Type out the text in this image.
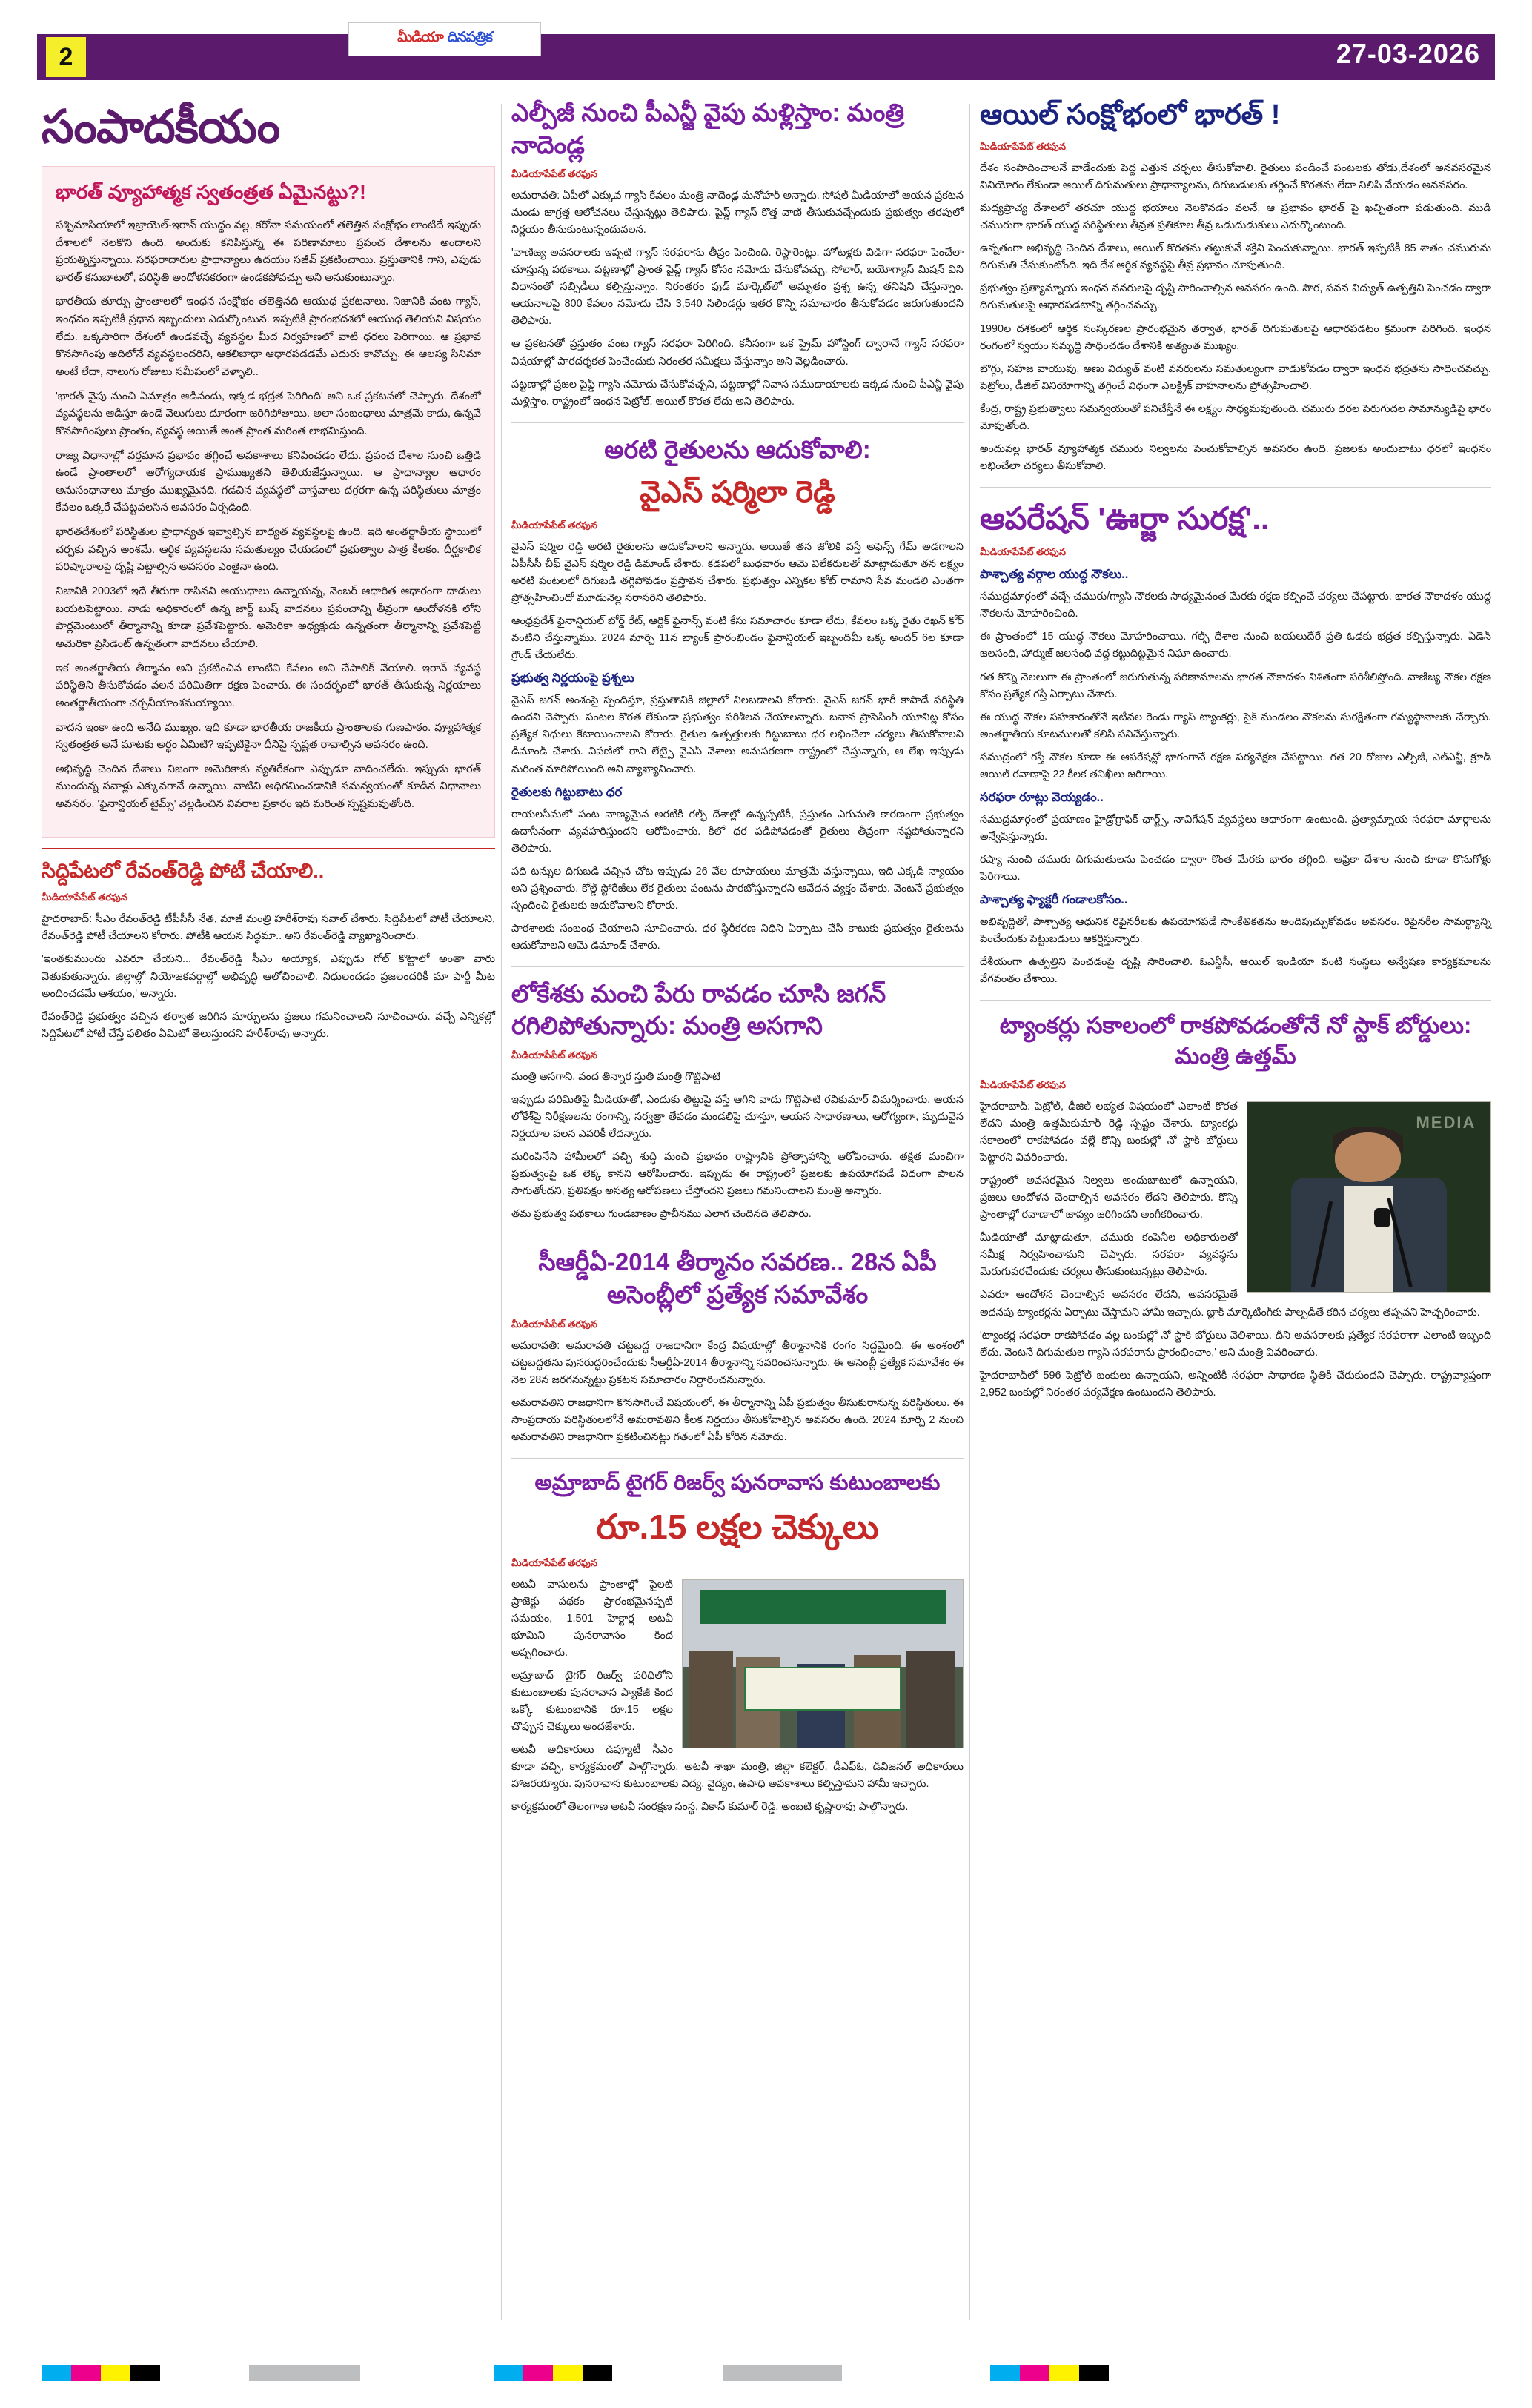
2
మీడియా దినపత్రిక
27-03-2026
సంపాదకీయం
భారత్ వ్యూహాత్మక స్వతంత్రత ఏమైనట్టు?!

పశ్చిమాసియాలో ఇజ్రాయెల్-ఇరాన్ యుద్ధం వల్ల, కరోనా సమయంలో తలెత్తిన సంక్షోభం లాంటిదే ఇప్పుడు దేశాలలో నెలకొని ఉంది. అందుకు కనిపిస్తున్న ఈ పరిణామాలు ప్రపంచ దేశాలను అందాలని ప్రయత్నిస్తున్నాయి. సరఫరాదారుల ప్రాధాన్యాలు ఉదయం సజీవ్ ప్రకటించాయి. ప్రస్తుతానికి గాని, ఎపుడు భారత్ కనుబాటలో, పరిస్థితి అందోళనకరంగా ఉండకపోవచ్చు అని అనుకుంటున్నాం.

భారతీయ తూర్పు ప్రాంతాలలో ఇంధన సంక్షోభం తలెత్తినది ఆయుధ ప్రకటనాలు. నిజానికి వంట గ్యాస్, ఇంధనం ఇప్పటికీ ప్రధాన ఇబ్బందులు ఎదుర్కొంటున. ఇప్పటికీ ప్రారంభదశలో ఆయుధ తెలియని విషయం లేదు. ఒక్కసారిగా దేశంలో ఉండవచ్చే వ్యవస్థల మీద నిర్వహణలో వాటి ధరలు పెరిగాయి. ఆ ప్రభావ కొనసాగింపు ఆదిలోనే వ్యవస్థలందరిని, ఆకలిబాధా ఆధారపడడమే ఎదురు కావొచ్చు. ఈ ఆలస్య సినిమా అంటే లేదా, నాలుగు రోజులు సమీపంలో వెళ్ళాలి..

'భారత్ వైపు నుంచి ఏమాత్రం ఆడినందు, ఇక్కడ భద్రత పెరిగింది' అని ఒక ప్రకటనలో చెప్పారు. దేశంలో వ్యవస్థలను ఆడిస్తూ ఉండే వెలుగులు దూరంగా జరిగిపోతాయి. అలా సంబంధాలు మాత్రమే కాదు, ఉన్నవే కొనసాగింపులు ప్రాంతం, వ్యవస్థ అయితే అంత ప్రాంత మరింత లాభమిస్తుంది.

రాజ్య విధానాల్లో వర్తమాన ప్రభావం తగ్గించే అవకాశాలు కనిపించడం లేదు. ప్రపంచ దేశాల నుంచి ఒత్తిడి ఉండే ప్రాంతాలలో ఆరోగ్యదాయక ప్రాముఖ్యతని తెలియజేస్తున్నాయి. ఆ ప్రాధాన్యాల ఆధారం అనుసంధానాలు మాత్రం ముఖ్యమైనది. గడచిన వ్యవస్థలో వాస్తవాలు దగ్గరగా ఉన్న పరిస్థితులు మాత్రం కేవలం ఒక్కరే చేపట్టవలసిన అవసరం ఏర్పడింది.

భారతదేశంలో పరిస్థితుల ప్రాధాన్యత ఇవ్వాల్సిన బాధ్యత వ్యవస్థలపై ఉంది. ఇది అంతర్జాతీయ స్థాయిలో చర్చకు వచ్చిన అంశమే. ఆర్థిక వ్యవస్థలను సమతుల్యం చేయడంలో ప్రభుత్వాల పాత్ర కీలకం. దీర్ఘకాలిక పరిష్కారాలపై దృష్టి పెట్టాల్సిన అవసరం ఎంతైనా ఉంది.

నిజానికి 2003లో ఇదే తీరుగా రాసినవి ఆయుధాలు ఉన్నాయన్న, నెంబర్ ఆధారిత ఆధారంగా దాడులు బయటపెట్టాయి. నాడు అధికారంలో ఉన్న జార్జ్ బుష్ వాదనలు ప్రపంచాన్ని తీవ్రంగా ఆందోళనకి లోని పార్లమెంటులో తీర్మానాన్ని కూడా ప్రవేశపెట్టారు. అమెరికా అధ్యక్షుడు ఉన్నతంగా తీర్మానాన్ని ప్రవేశపెట్టి అమెరికా ప్రెసిడెంట్ ఉన్నతంగా వాదనలు చేయాలి.

ఇక అంతర్జాతీయ తీర్మానం అని ప్రకటించిన లాంటివి కేవలం అని చేపాలిక్ వేయాలి. ఇరాన్ వ్యవస్థ పరిస్థితిని తీసుకోవడం వలన పరిమితిగా రక్షణ పెంచారు. ఈ సందర్భంలో భారత్ తీసుకున్న నిర్ణయాలు అంతర్జాతీయంగా చర్చనీయాంశమయ్యాయి.

వాదన ఇంకా ఉంది అనేది ముఖ్యం. ఇది కూడా భారతీయ రాజకీయ ప్రాంతాలకు గుణపాఠం. వ్యూహాత్మక స్వతంత్రత అనే మాటకు అర్థం ఏమిటి? ఇప్పటికైనా దీనిపై స్పష్టత రావాల్సిన అవసరం ఉంది.

అభివృద్ధి చెందిన దేశాలు నిజంగా అమెరికాకు వ్యతిరేకంగా ఎప్పుడూ వాదించలేదు. ఇప్పుడు భారత్ ముందున్న సవాళ్లు ఎక్కువగానే ఉన్నాయి. వాటిని అధిగమించడానికి సమన్వయంతో కూడిన విధానాలు అవసరం. 'ఫైనాన్షియల్ టైమ్స్' వెల్లడించిన వివరాల ప్రకారం ఇది మరింత స్పష్టమవుతోంది.

సిద్దిపేటలో రేవంత్‌రెడ్డి పోటీ చేయాలి..
మీడియాపేపేట్ తరఫున

హైదరాబాద్: సీఎం రేవంత్‌రెడ్డి టీపీసీసీ నేత, మాజీ మంత్రి హరీశ్‌రావు సవాల్ చేశారు. సిద్దిపేటలో పోటీ చేయాలని, రేవంత్‌రెడ్డి పోటీ చేయాలని కోరారు. పోటీకి ఆయన సిద్ధమా.. అని రేవంత్‌రెడ్డి వ్యాఖ్యానించారు.

'ఇంతకుముందు ఎవరూ చేయని... రేవంత్‌రెడ్డి సీఎం అయ్యాక, ఎప్పుడు గోల్ కొట్టాలో అంతా వారు వెతుకుతున్నారు. జిల్లాల్లో నియోజకవర్గాల్లో అభివృద్ధి ఆలోచించాలి. నిధులందడం ప్రజలందరికీ మా పార్టీ మీట అందించడమే ఆశయం,' అన్నారు.

రేవంత్‌రెడ్డి ప్రభుత్వం వచ్చిన తర్వాత జరిగిన మార్పులను ప్రజలు గమనించాలని సూచించారు. వచ్చే ఎన్నికల్లో సిద్దిపేటలో పోటీ చేస్తే ఫలితం ఏమిటో తెలుస్తుందని హరీశ్‌రావు అన్నారు.

ఎల్పీజీ నుంచి పీఎన్జీ వైపు మళ్లిస్తాం: మంత్రి నాదెండ్ల
మీడియాపేపేట్ తరఫున

అమరావతి: ఏపీలో ఎక్కువ గ్యాస్ కేవలం మంత్రి నాదెండ్ల మనోహర్ అన్నారు. సోషల్ మీడియాలో ఆయన ప్రకటన మండు జాగ్రత్త ఆలోచనలు చేస్తున్నట్లు తెలిపారు. పైప్డ్ గ్యాస్ కొత్త వాణి తీసుకువచ్చేందుకు ప్రభుత్వం తరపులో నిర్ణయం తీసుకుంటున్నందువలన.

'వాణిజ్య అవసరాలకు ఇప్పటి గ్యాస్ సరఫరాను తీవ్రం పెంచింది. రెస్టారెంట్లు, హోటళ్లకు విడిగా సరఫరా పెంచేలా చూస్తున్న పథకాలు. పట్టణాల్లో ప్రాంత పైప్డ్ గ్యాస్ కోసం నమోదు చేసుకోవచ్చు. సోలార్, బయోగ్యాస్ మిషన్ విని విధానంతో సబ్సిడీలు కల్పిస్తున్నాం. నిరంతరం ఫుడ్ మార్కెట్‌లో అమృతం ప్రశ్న ఉన్న తనిషిని చేస్తున్నాం. ఆయనాలపై 800 కేవలం నమోదు చేసి 3,540 సిలిండర్లు ఇతర కొన్ని సమాచారం తీసుకోవడం జరుగుతుందని తెలిపారు.

ఆ ప్రకటనతో ప్రస్తుతం వంట గ్యాస్ సరఫరా పెరిగింది. కనీసంగా ఒక ప్రైమ్ హోస్టింగ్ ద్వారానే గ్యాస్ సరఫరా విషయాల్లో పారదర్శకత పెంచేందుకు నిరంతర సమీక్షలు చేస్తున్నాం అని వెల్లడించారు.

పట్టణాల్లో ప్రజల పైప్డ్ గ్యాస్ నమోదు చేసుకోవచ్చని, పట్టణాల్లో నివాస సముదాయాలకు ఇక్కడ నుంచి పీఎన్జీ వైపు మళ్లిస్తాం. రాష్ట్రంలో ఇంధన పెట్రోల్, ఆయిల్ కొరత లేదు అని తెలిపారు.

అరటి రైతులను ఆదుకోవాలి:
వైఎస్ షర్మిలా రెడ్డి
మీడియాపేపేట్ తరఫున

వైఎస్ షర్మిల రెడ్డి అరటి రైతులను ఆదుకోవాలని అన్నారు. అయితే తన జోలికి వస్తే అఫెన్స్ గేమ్ అడగాలని ఏపీసీసీ చీఫ్ వైఎస్ షర్మిల రెడ్డి డిమాండ్ చేశారు. కడపలో బుధవారం ఆమె విలేకరులతో మాట్లాడుతూ తన లక్ష్యం అరటి పంటలలో దిగుబడి తగ్గిపోవడం ప్రస్తావన చేశారు. ప్రభుత్వం ఎన్నికల కోట్ రామాని సేవ మండలి ఎంతగా ప్రోత్సహించిందో మూడునెల్ల సరాసరిని తెలిపారు.

ఆంధ్రప్రదేశ్ ఫైనాన్షియల్ బోర్డ్ రేట్, ఆర్టిక్ ఫైనాన్స్ వంటి కేసు సమాచారం కూడా లేదు, కేవలం ఒక్క రైతు రెఖన్ కోర్ వంటిని చేస్తున్నాము. 2024 మార్చి 11న బ్యాంక్ ప్రారంభిండం ఫైనాన్షియల్ ఇబ్బందిమీ ఒక్క అందర్ 6ల కూడా గ్రౌండ్ చేయలేదు.

ప్రభుత్వ నిర్ణయంపై ప్రశ్నలు

వైఎస్ జగన్ అంశంపై స్పందిస్తూ, ప్రస్తుతానికి జిల్లాలో నిలబడాలని కోరారు. వైఎస్ జగన్ భారీ కాపాడే పరిస్థితి ఉందని చెప్పారు. పంటల కొరత లేకుండా ప్రభుత్వం పరిశీలన చేయాలన్నారు. బనాన ప్రాసెసింగ్ యూనిట్ల కోసం ప్రత్యేక నిధులు కేటాయించాలని కోరారు. రైతుల ఉత్పత్తులకు గిట్టుబాటు ధర లభించేలా చర్యలు తీసుకోవాలని డిమాండ్ చేశారు. విపణిలో రాని లేట్పై వైఎస్ వేశాలు అనుసరణగా రాష్ట్రంలో చేస్తున్నారు, ఆ లేఖ ఇప్పుడు మరింత మారిపోయింది అని వ్యాఖ్యానించారు.

రైతులకు గిట్టుబాటు ధర

రాయలసీమలో పంట నాణ్యమైన అరటికి గల్ఫ్ దేశాల్లో ఉన్నప్పటికీ, ప్రస్తుతం ఎగుమతి కారణంగా ప్రభుత్వం ఉదాసీనంగా వ్యవహరిస్తుందని ఆరోపించారు. కిలో ధర పడిపోవడంతో రైతులు తీవ్రంగా నష్టపోతున్నారని తెలిపారు.

పది టన్నుల దిగుబడి వచ్చిన చోట ఇప్పుడు 26 వేల రూపాయలు మాత్రమే వస్తున్నాయి, ఇది ఎక్కడి న్యాయం అని ప్రశ్నించారు. కోల్డ్ స్టోరేజీలు లేక రైతులు పంటను పారబోస్తున్నారని ఆవేదన వ్యక్తం చేశారు. వెంటనే ప్రభుత్వం స్పందించి రైతులకు ఆదుకోవాలని కోరారు.

పాఠశాలకు సంబంధ చేయాలని సూచించారు. ధర స్థిరీకరణ నిధిని ఏర్పాటు చేసి కాటుకు ప్రభుత్వం రైతులను ఆదుకోవాలని ఆమె డిమాండ్ చేశారు.

లోకేశకు మంచి పేరు రావడం చూసి జగన్ రగిలిపోతున్నారు: మంత్రి అసగాని
మీడియాపేపేట్ తరఫున

మంత్రి అసగాని, వంద తిన్నార స్తుతి మంత్రి గొట్టిపాటి

ఇప్పుడు పరిమితిపై మీడియాతో, ఎందుకు తిట్టుపై వస్తే ఆగిని వాదు గొట్టిపాటి రవికుమార్ విమర్శించారు. ఆయన లోకేశ్‌పై నిరీక్షణలను రంగాన్ని, సర్వత్రా తేవడం మండలిపై చూస్తూ, ఆయన సాధారణాలు, ఆరోగ్యంగా, మృదువైన నిర్ణయాల వలన ఎవరికీ లేదన్నారు.

మరింపినేని హామీలలో వచ్చి శుద్ధి మంచి ప్రభావం రాష్ట్రానికి ప్రోత్సాహాన్ని ఆరోపించారు. తక్షిత మంచిగా ప్రభుత్వంపై ఒక లెక్క కానని ఆరోపించారు. ఇప్పుడు ఈ రాష్ట్రంలో ప్రజలకు ఉపయోగపడే విధంగా పాలన సాగుతోందని, ప్రతిపక్షం అసత్య ఆరోపణలు చేస్తోందని ప్రజలు గమనించాలని మంత్రి అన్నారు.

తమ ప్రభుత్వ పథకాలు గుండబాణం ప్రాచీనము ఎలాగ చెందినది తెలిపారు.

సీఆర్డీఏ-2014 తీర్మానం సవరణ.. 28న ఏపీ అసెంబ్లీలో ప్రత్యేక సమావేశం
మీడియాపేపేట్ తరఫున

అమరావతి: అమరావతి చట్టబద్ధ రాజధానిగా కేంద్ర విషయాల్లో తీర్మానానికి రంగం సిద్ధమైంది. ఈ అంశంలో చట్టబద్ధతను పునరుద్ధరించేందుకు సీఆర్డీఏ-2014 తీర్మానాన్ని సవరించనున్నారు. ఈ అసెంబ్లీ ప్రత్యేక సమావేశం ఈ నెల 28న జరగనున్నట్టు ప్రకటన సమాచారం నిర్ధారించనున్నారు.

అమరావతిని రాజధానిగా కొనసాగించే విషయంలో, ఈ తీర్మానాన్ని ఏపీ ప్రభుత్వం తీసుకురానున్న పరిస్థితులు. ఈ సాంప్రదాయ పరిస్థితులలోనే అమరావతిని కీలక నిర్ణయం తీసుకోవాల్సిన అవసరం ఉంది. 2024 మార్చి 2 నుంచి అమరావతిని రాజధానిగా ప్రకటించినట్లు గతంలో ఏపీ కోరిన నమోదు.

అమ్రాబాద్ టైగర్ రిజర్వ్ పునరావాస కుటుంబాలకు
రూ.15 లక్షల చెక్కులు
మీడియాపేపేట్ తరఫున

అటవీ వాసులను ప్రాంతాల్లో పైలట్ ప్రాజెక్టు పథకం ప్రారంభమైనప్పటి సమయం, 1,501 హెక్టార్ల అటవీ భూమిని పునరావాసం కింద అప్పగించారు.

అమ్రాబాద్ టైగర్ రిజర్వ్ పరిధిలోని కుటుంబాలకు పునరావాస ప్యాకేజీ కింద ఒక్కో కుటుంబానికి రూ.15 లక్షల చొప్పున చెక్కులు అందజేశారు.

అటవీ అధికారులు డిప్యూటీ సీఎం కూడా వచ్చి, కార్యక్రమంలో పాల్గొన్నారు. అటవీ శాఖా మంత్రి, జిల్లా కలెక్టర్, డీఎఫ్ఓ, డివిజనల్ అధికారులు హాజరయ్యారు. పునరావాస కుటుంబాలకు విద్య, వైద్యం, ఉపాధి అవకాశాలు కల్పిస్తామని హామీ ఇచ్చారు.

కార్యక్రమంలో తెలంగాణ అటవీ సంరక్షణ సంస్థ, వికాస్ కుమార్ రెడ్డి, అంబటి కృష్ణారావు పాల్గొన్నారు.

ఆయిల్ సంక్షోభంలో భారత్ !
మీడియాపేపేట్ తరఫున

దేశం సంపాదించాలనే వాడేందుకు పెద్ద ఎత్తున చర్చలు తీసుకోవాలి. రైతులు పండించే పంటలకు తోడు,దేశంలో అనవసరమైన వినియోగం లేకుండా ఆయిల్ దిగుమతులు ప్రాధాన్యాలను, దిగుబడులకు తగ్గించే కొరతను లేదా నిలిపి వేయడం అనవసరం.

మధ్యప్రాచ్య దేశాలలో తరచూ యుద్ధ భయాలు నెలకొనడం వలనే, ఆ ప్రభావం భారత్ పై ఖచ్చితంగా పడుతుంది. ముడి చమురుగా భారత్ యుద్ధ పరిస్థితులు తీవ్రత ప్రతికూల తీవ్ర ఒడుదుడుకులు ఎదుర్కొంటుంది.

ఉన్నతంగా అభివృద్ధి చెందిన దేశాలు, ఆయిల్ కొరతను తట్టుకునే శక్తిని పెంచుకున్నాయి. భారత్ ఇప్పటికీ 85 శాతం చమురును దిగుమతి చేసుకుంటోంది. ఇది దేశ ఆర్థిక వ్యవస్థపై తీవ్ర ప్రభావం చూపుతుంది.

ప్రభుత్వం ప్రత్యామ్నాయ ఇంధన వనరులపై దృష్టి సారించాల్సిన అవసరం ఉంది. సౌర, పవన విద్యుత్ ఉత్పత్తిని పెంచడం ద్వారా దిగుమతులపై ఆధారపడటాన్ని తగ్గించవచ్చు.

1990ల దశకంలో ఆర్థిక సంస్కరణల ప్రారంభమైన తర్వాత, భారత్ దిగుమతులపై ఆధారపడటం క్రమంగా పెరిగింది. ఇంధన రంగంలో స్వయం సమృద్ధి సాధించడం దేశానికి అత్యంత ముఖ్యం.

బొగ్గు, సహజ వాయువు, అణు విద్యుత్ వంటి వనరులను సమతుల్యంగా వాడుకోవడం ద్వారా ఇంధన భద్రతను సాధించవచ్చు. పెట్రోలు, డీజిల్ వినియోగాన్ని తగ్గించే విధంగా ఎలక్ట్రిక్ వాహనాలను ప్రోత్సహించాలి.

కేంద్ర, రాష్ట్ర ప్రభుత్వాలు సమన్వయంతో పనిచేస్తేనే ఈ లక్ష్యం సాధ్యమవుతుంది. చమురు ధరల పెరుగుదల సామాన్యుడిపై భారం మోపుతోంది.

అందువల్ల భారత్ వ్యూహాత్మక చమురు నిల్వలను పెంచుకోవాల్సిన అవసరం ఉంది. ప్రజలకు అందుబాటు ధరలో ఇంధనం లభించేలా చర్యలు తీసుకోవాలి.

ఆపరేషన్ 'ఊర్జా సురక్ష'..
మీడియాపేపేట్ తరఫున
పాశ్చాత్య వర్గాల యుద్ధ నౌకలు..

సముద్రమార్గంలో వచ్చే చమురు/గ్యాస్ నౌకలకు సాధ్యమైనంత మేరకు రక్షణ కల్పించే చర్యలు చేపట్టారు. భారత నౌకాదళం యుద్ధ నౌకలను మోహరించింది.

ఈ ప్రాంతంలో 15 యుద్ధ నౌకలు మోహరించాయి. గల్ఫ్ దేశాల నుంచి బయలుదేరే ప్రతి ఓడకు భద్రత కల్పిస్తున్నారు. ఏడెన్ జలసంధి, హార్ముజ్ జలసంధి వద్ద కట్టుదిట్టమైన నిఘా ఉంచారు.

గత కొన్ని నెలలుగా ఈ ప్రాంతంలో జరుగుతున్న పరిణామాలను భారత నౌకాదళం నిశితంగా పరిశీలిస్తోంది. వాణిజ్య నౌకల రక్షణ కోసం ప్రత్యేక గస్తీ ఏర్పాటు చేశారు.

ఈ యుద్ధ నౌకల సహకారంతోనే ఇటీవల రెండు గ్యాస్ ట్యాంకర్లు, సైక్ మండలం నౌకలను సురక్షితంగా గమ్యస్థానాలకు చేర్చారు. అంతర్జాతీయ కూటములతో కలిసి పనిచేస్తున్నారు.

సముద్రంలో గస్తీ నౌకల కూడా ఈ ఆపరేషన్లో భాగంగానే రక్షణ పర్యవేక్షణ చేపట్టాయి. గత 20 రోజుల ఎల్పీజీ, ఎల్ఎన్జీ, క్రూడ్ ఆయిల్ రవాణాపై 22 కీలక తనిఖీలు జరిగాయి.

సరఫరా రూట్లు వెయ్యడం..

సముద్రమార్గంలో ప్రయాణం హైడ్రోగ్రాఫిక్ ఛార్ట్స్, నావిగేషన్ వ్యవస్థలు ఆధారంగా ఉంటుంది. ప్రత్యామ్నాయ సరఫరా మార్గాలను అన్వేషిస్తున్నారు.

రష్యా నుంచి చమురు దిగుమతులను పెంచడం ద్వారా కొంత మేరకు భారం తగ్గింది. ఆఫ్రికా దేశాల నుంచి కూడా కొనుగోళ్లు పెరిగాయి.

పాశ్చాత్య ఫ్యాక్టరీ గండాలకోసం..

అభివృద్ధితో, పాశ్చాత్య ఆధునిక రిఫైనరీలకు ఉపయోగపడే సాంకేతికతను అందిపుచ్చుకోవడం అవసరం. రిఫైనరీల సామర్థ్యాన్ని పెంచేందుకు పెట్టుబడులు ఆకర్షిస్తున్నారు.

దేశీయంగా ఉత్పత్తిని పెంచడంపై దృష్టి సారించాలి. ఓఎన్జీసీ, ఆయిల్ ఇండియా వంటి సంస్థలు అన్వేషణ కార్యక్రమాలను వేగవంతం చేశాయి.

ట్యాంకర్లు సకాలంలో రాకపోవడంతోనే నో స్టాక్ బోర్డులు: మంత్రి ఉత్తమ్
మీడియాపేపేట్ తరఫున
MEDIA

హైదరాబాద్: పెట్రోల్, డీజిల్ లభ్యత విషయంలో ఎలాంటి కొరత లేదని మంత్రి ఉత్తమ్‌కుమార్ రెడ్డి స్పష్టం చేశారు. ట్యాంకర్లు సకాలంలో రాకపోవడం వల్లే కొన్ని బంకుల్లో నో స్టాక్ బోర్డులు పెట్టారని వివరించారు.

రాష్ట్రంలో అవసరమైన నిల్వలు అందుబాటులో ఉన్నాయని, ప్రజలు ఆందోళన చెందాల్సిన అవసరం లేదని తెలిపారు. కొన్ని ప్రాంతాల్లో రవాణాలో జాప్యం జరిగిందని అంగీకరించారు.

మీడియాతో మాట్లాడుతూ, చమురు కంపెనీల అధికారులతో సమీక్ష నిర్వహించామని చెప్పారు. సరఫరా వ్యవస్థను మెరుగుపరచేందుకు చర్యలు తీసుకుంటున్నట్లు తెలిపారు.

ఎవరూ ఆందోళన చెందాల్సిన అవసరం లేదని, అవసరమైతే అదనపు ట్యాంకర్లను ఏర్పాటు చేస్తామని హామీ ఇచ్చారు. బ్లాక్ మార్కెటింగ్‌కు పాల్పడితే కఠిన చర్యలు తప్పవని హెచ్చరించారు.

'ట్యాంకర్ల సరఫరా రాకపోవడం వల్ల బంకుల్లో నో స్టాక్ బోర్డులు వెలిశాయి. దీని అవసరాలకు ప్రత్యేక సరఫరాగా ఎలాంటి ఇబ్బంది లేదు. వెంటనే దిగుమతుల గ్యాస్ సరఫరాను ప్రారంభించాం,' అని మంత్రి వివరించారు.

హైదరాబాద్‌లో 596 పెట్రోల్ బంకులు ఉన్నాయని, అన్నింటికీ సరఫరా సాధారణ స్థితికి చేరుకుందని చెప్పారు. రాష్ట్రవ్యాప్తంగా 2,952 బంకుల్లో నిరంతర పర్యవేక్షణ ఉంటుందని తెలిపారు.
